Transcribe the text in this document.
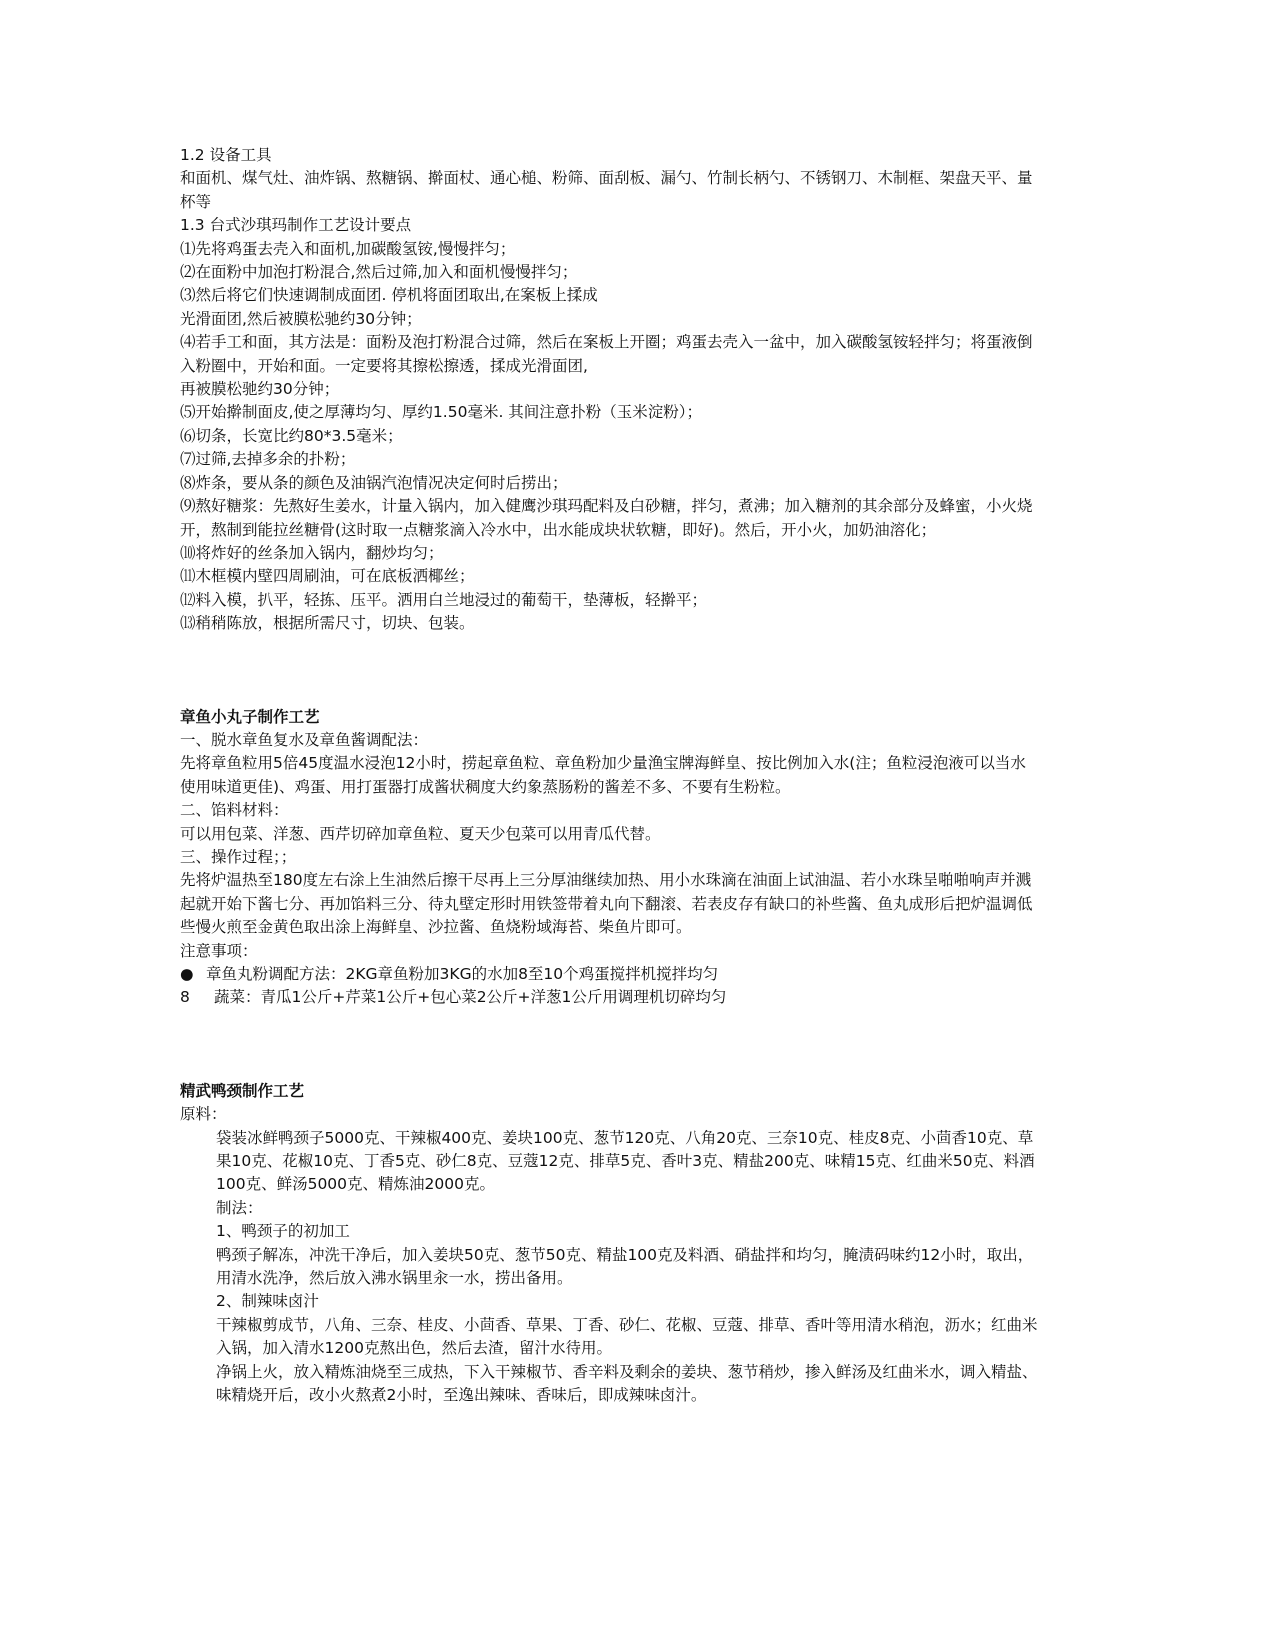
1.2 设备工具

和面机、煤气灶、油炸锅、熬糖锅、擀面杖、通心槌、粉筛、面刮板、漏勺、竹制长柄勺、不锈钢刀、木制框、架盘天平、量杯等

1.3 台式沙琪玛制作工艺设计要点

⑴先将鸡蛋去壳入和面机,加碳酸氢铵,慢慢拌匀；

⑵在面粉中加泡打粉混合,然后过筛,加入和面机慢慢拌匀；

⑶然后将它们快速调制成面团. 停机将面团取出,在案板上揉成

光滑面团,然后被膜松驰约30分钟；

⑷若手工和面，其方法是：面粉及泡打粉混合过筛，然后在案板上开圈；鸡蛋去壳入一盆中，加入碳酸氢铵轻拌匀；将蛋液倒入粉圈中，开始和面。一定要将其擦松擦透，揉成光滑面团,

再被膜松驰约30分钟；

⑸开始擀制面皮,使之厚薄均匀、厚约1.50毫米. 其间注意扑粉（玉米淀粉）；

⑹切条，长宽比约80*3.5毫米；

⑺过筛,去掉多余的扑粉；

⑻炸条，要从条的颜色及油锅汽泡情况决定何时后捞出；

⑼熬好糖浆：先熬好生姜水，计量入锅内，加入健鹰沙琪玛配料及白砂糖，拌匀，煮沸；加入糖剂的其余部分及蜂蜜，小火烧开，熬制到能拉丝糖骨(这时取一点糖浆滴入冷水中，出水能成块状软糖，即好)。然后，开小火，加奶油溶化；

⑽将炸好的丝条加入锅内，翻炒均匀；

⑾木框模内壁四周刷油，可在底板洒椰丝；

⑿料入模，扒平，轻拣、压平。洒用白兰地浸过的葡萄干，垫薄板，轻擀平；

⒀稍稍陈放，根据所需尺寸，切块、包装。

章鱼小丸子制作工艺

一、脱水章鱼复水及章鱼酱调配法：

先将章鱼粒用5倍45度温水浸泡12小时，捞起章鱼粒、章鱼粉加少量渔宝牌海鲜皇、按比例加入水(注；鱼粒浸泡液可以当水使用味道更佳)、鸡蛋、用打蛋器打成酱状稠度大约象蒸肠粉的酱差不多、不要有生粉粒。

二、馅料材料：

可以用包菜、洋葱、西芹切碎加章鱼粒、夏天少包菜可以用青瓜代替。

三、操作过程；；

先将炉温热至180度左右涂上生油然后擦干尽再上三分厚油继续加热、用小水珠滴在油面上试油温、若小水珠呈啪啪响声并溅起就开始下酱七分、再加馅料三分、待丸壁定形时用铁签带着丸向下翻滚、若表皮存有缺口的补些酱、鱼丸成形后把炉温调低些慢火煎至金黄色取出涂上海鲜皇、沙拉酱、鱼烧粉域海苔、柴鱼片即可。

注意事项：

● 章鱼丸粉调配方法：2KG章鱼粉加3KG的水加8至10个鸡蛋搅拌机搅拌均匀
8	蔬菜：青瓜1公斤+芹菜1公斤+包心菜2公斤+洋葱1公斤用调理机切碎均匀

精武鸭颈制作工艺

原料：

袋装冰鲜鸭颈子5000克、干辣椒400克、姜块100克、葱节120克、八角20克、三奈10克、桂皮8克、小茴香10克、草果10克、花椒10克、丁香5克、砂仁8克、豆蔻12克、排草5克、香叶3克、精盐200克、味精15克、红曲米50克、料酒100克、鲜汤5000克、精炼油2000克。

制法：

1、鸭颈子的初加工

鸭颈子解冻，冲洗干净后，加入姜块50克、葱节50克、精盐100克及料酒、硝盐拌和均匀，腌渍码味约12小时，取出，用清水洗净，然后放入沸水锅里汆一水，捞出备用。

2、制辣味卤汁

干辣椒剪成节，八角、三奈、桂皮、小茴香、草果、丁香、砂仁、花椒、豆蔻、排草、香叶等用清水稍泡，沥水；红曲米入锅，加入清水1200克熬出色，然后去渣，留汁水待用。

净锅上火，放入精炼油烧至三成热，下入干辣椒节、香辛料及剩余的姜块、葱节稍炒，掺入鲜汤及红曲米水，调入精盐、味精烧开后，改小火熬煮2小时，至逸出辣味、香味后，即成辣味卤汁。
